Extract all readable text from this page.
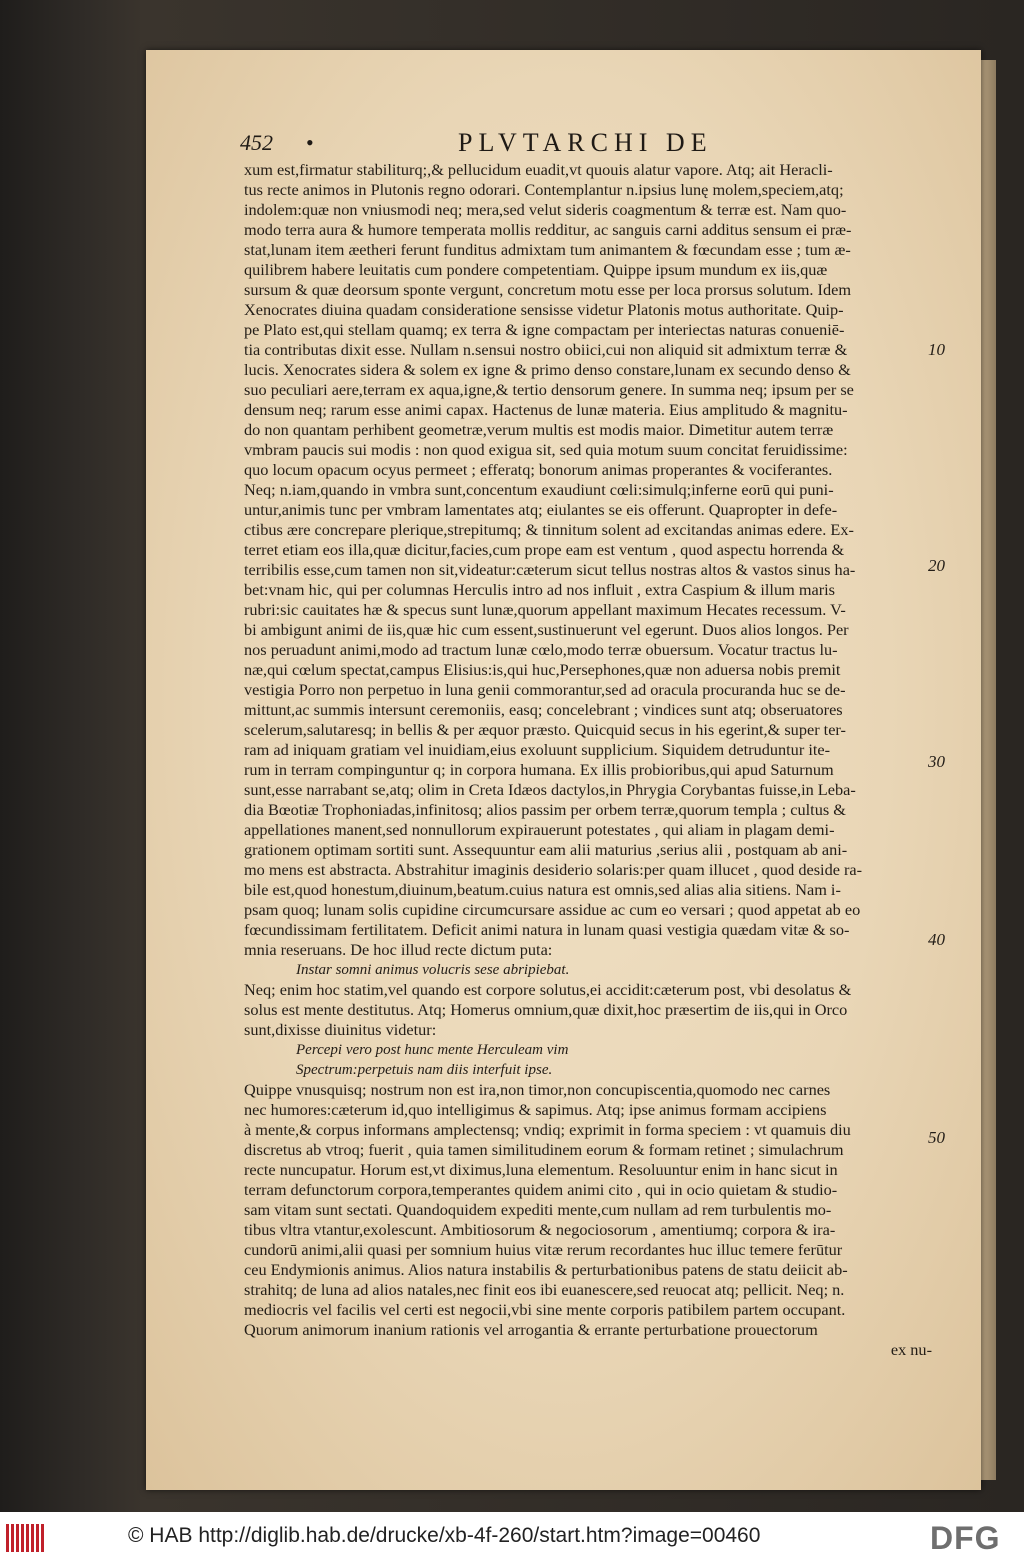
452 •	PLVTARCHI DE
xum est,firmatur stabiliturq;,& pellucidum euadit,vt quouis alatur vapore. Atq; ait Heracli-
tus recte animos in Plutonis regno odorari. Contemplantur n.ipsius lunę molem,speciem,atq;
indolem:quæ non vniusmodi neq; mera,sed velut sideris coagmentum & terræ est. Nam quo-
modo terra aura & humore temperata mollis redditur, ac sanguis carni additus sensum ei præ-
stat,lunam item æetheri ferunt funditus admixtam tum animantem & fœcundam esse ; tum æ-
quilibrem habere leuitatis cum pondere competentiam. Quippe ipsum mundum ex iis,quæ
sursum & quæ deorsum sponte vergunt, concretum motu esse per loca prorsus solutum. Idem
Xenocrates diuina quadam consideratione sensisse videtur Platonis motus authoritate. Quip-
pe Plato est,qui stellam quamq; ex terra & igne compactam per interiectas naturas conueniē-
tia contributas dixit esse. Nullam n.sensui nostro obiici,cui non aliquid sit admixtum terræ &
lucis. Xenocrates sidera & solem ex igne & primo denso constare,lunam ex secundo denso &
suo peculiari aere,terram ex aqua,igne,& tertio densorum genere. In summa neq; ipsum per se
densum neq; rarum esse animi capax. Hactenus de lunæ materia. Eius amplitudo & magnitu-
do non quantam perhibent geometræ,verum multis est modis maior. Dimetitur autem terræ
vmbram paucis sui modis : non quod exigua sit, sed quia motum suum concitat feruidissime:
quo locum opacum ocyus permeet ; efferatq; bonorum animas properantes & vociferantes.
Neq; n.iam,quando in vmbra sunt,concentum exaudiunt cœli:simulq;inferne eorū qui puni-
untur,animis tunc per vmbram lamentates atq; eiulantes se eis offerunt. Quapropter in defe-
ctibus ære concrepare plerique,strepitumq; & tinnitum solent ad excitandas animas edere. Ex-
terret etiam eos illa,quæ dicitur,facies,cum prope eam est ventum , quod aspectu horrenda &
terribilis esse,cum tamen non sit,videatur:cæterum sicut tellus nostras altos & vastos sinus ha-
bet:vnam hic, qui per columnas Herculis intro ad nos influit , extra Caspium & illum maris
rubri:sic cauitates hæ & specus sunt lunæ,quorum appellant maximum Hecates recessum. V-
bi ambigunt animi de iis,quæ hic cum essent,sustinuerunt vel egerunt. Duos alios longos. Per
nos peruadunt animi,modo ad tractum lunæ cœlo,modo terræ obuersum. Vocatur tractus lu-
næ,qui cœlum spectat,campus Elisius:is,qui huc,Persephones,quæ non aduersa nobis premit
vestigia Porro non perpetuo in luna genii commorantur,sed ad oracula procuranda huc se de-
mittunt,ac summis intersunt ceremoniis, easq; concelebrant ; vindices sunt atq; obseruatores
scelerum,salutaresq; in bellis & per æquor præsto. Quicquid secus in his egerint,& super ter-
ram ad iniquam gratiam vel inuidiam,eius exoluunt supplicium. Siquidem detruduntur ite-
rum in terram compinguntur q; in corpora humana. Ex illis probioribus,qui apud Saturnum
sunt,esse narrabant se,atq; olim in Creta Idæos dactylos,in Phrygia Corybantas fuisse,in Leba-
dia Bœotiæ Trophoniadas,infinitosq; alios passim per orbem terræ,quorum templa ; cultus &
appellationes manent,sed nonnullorum expirauerunt potestates , qui aliam in plagam demi-
grationem optimam sortiti sunt. Assequuntur eam alii maturius ,serius alii , postquam ab ani-
mo mens est abstracta. Abstrahitur imaginis desiderio solaris:per quam illucet , quod deside ra-
bile est,quod honestum,diuinum,beatum.cuius natura est omnis,sed alias alia sitiens. Nam i-
psam quoq; lunam solis cupidine circumcursare assidue ac cum eo versari ; quod appetat ab eo
fœcundissimam fertilitatem. Deficit animi natura in lunam quasi vestigia quædam vitæ & so-
mnia reseruans. De hoc illud recte dictum puta:
Instar somni animus volucris sese abripiebat.
Neq; enim hoc statim,vel quando est corpore solutus,ei accidit:cæterum post, vbi desolatus &
solus est mente destitutus. Atq; Homerus omnium,quæ dixit,hoc præsertim de iis,qui in Orco
sunt,dixisse diuinitus videtur:
Percepi vero post hunc mente Herculeam vim
Spectrum:perpetuis nam diis interfuit ipse.
Quippe vnusquisq; nostrum non est ira,non timor,non concupiscentia,quomodo nec carnes
nec humores:cæterum id,quo intelligimus & sapimus. Atq; ipse animus formam accipiens
à mente,& corpus informans amplectensq; vndiq; exprimit in forma speciem : vt quamuis diu
discretus ab vtroq; fuerit , quia tamen similitudinem eorum & formam retinet ; simulachrum
recte nuncupatur. Horum est,vt diximus,luna elementum. Resoluuntur enim in hanc sicut in
terram defunctorum corpora,temperantes quidem animi cito , qui in ocio quietam & studio-
sam vitam sunt sectati. Quandoquidem expediti mente,cum nullam ad rem turbulentis mo-
tibus vltra vtantur,exolescunt. Ambitiosorum & negociosorum , amentiumq; corpora & ira-
cundorū animi,alii quasi per somnium huius vitæ rerum recordantes huc illuc temere ferūtur
ceu Endymionis animus. Alios natura instabilis & perturbationibus patens de statu deiicit ab-
strahitq; de luna ad alios natales,nec finit eos ibi euanescere,sed reuocat atq; pellicit. Neq; n.
mediocris vel facilis vel certi est negocii,vbi sine mente corporis patibilem partem occupant.
Quorum animorum inanium rationis vel arrogantia & errante perturbatione prouectorum
ex nu-
10
20
30
40
50
© HAB http://diglib.hab.de/drucke/xb-4f-260/start.htm?image=00460	DFG
